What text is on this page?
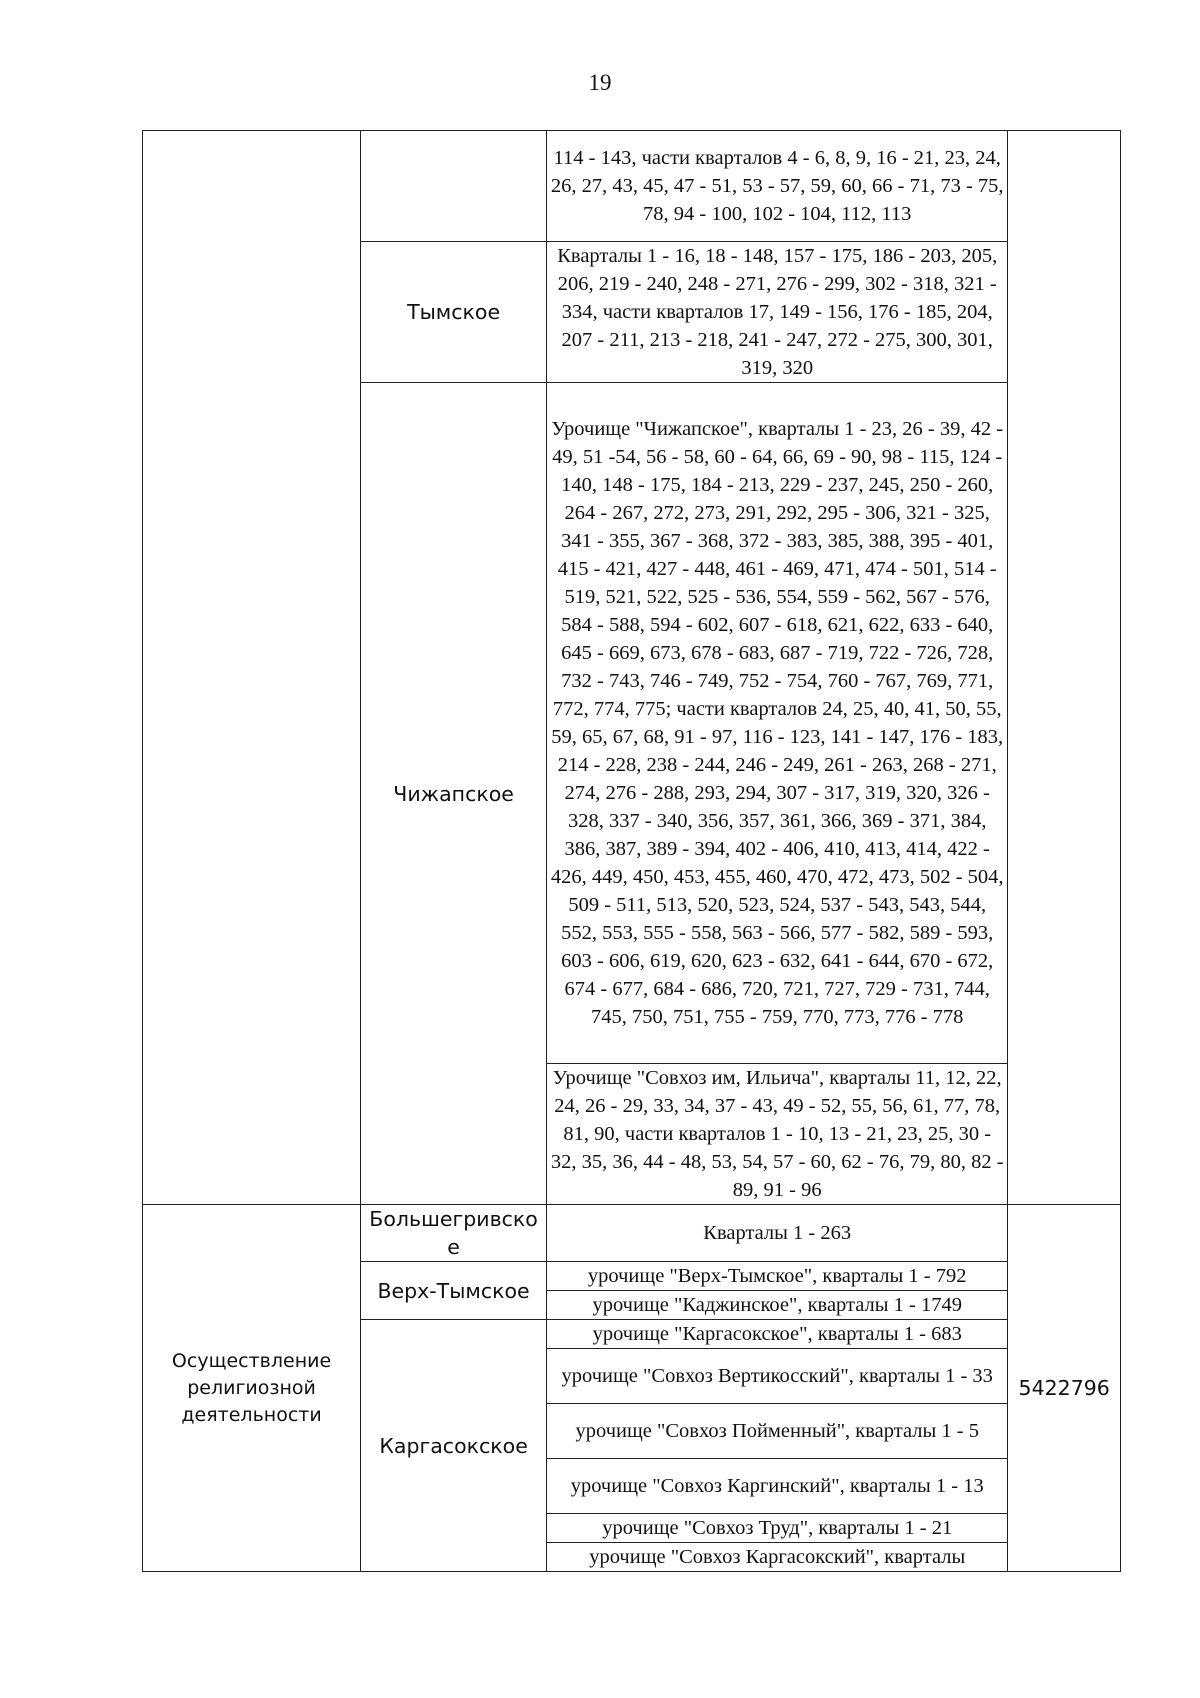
19
		114 - 143, части кварталов 4 - 6, 8, 9, 16 - 21, 23, 24, 26, 27, 43, 45, 47 - 51, 53 - 57, 59, 60, 66 - 71, 73 - 75, 78, 94 - 100, 102 - 104, 112, 113	
	Тымское	Кварталы 1 - 16, 18 - 148, 157 - 175, 186 - 203, 205, 206, 219 - 240, 248 - 271, 276 - 299, 302 - 318, 321 - 334, части кварталов 17, 149 - 156, 176 - 185, 204, 207 - 211, 213 - 218, 241 - 247, 272 - 275, 300, 301, 319, 320	
	Чижапское	Урочище "Чижапское", кварталы 1 - 23, 26 - 39, 42 - 49, 51 -54, 56 - 58, 60 - 64, 66, 69 - 90, 98 - 115, 124 - 140, 148 - 175, 184 - 213, 229 - 237, 245, 250 - 260, 264 - 267, 272, 273, 291, 292, 295 - 306, 321 - 325, 341 - 355, 367 - 368, 372 - 383, 385, 388, 395 - 401, 415 - 421, 427 - 448, 461 - 469, 471, 474 - 501, 514 - 519, 521, 522, 525 - 536, 554, 559 - 562, 567 - 576, 584 - 588, 594 - 602, 607 - 618, 621, 622, 633 - 640, 645 - 669, 673, 678 - 683, 687 - 719, 722 - 726, 728, 732 - 743, 746 - 749, 752 - 754, 760 - 767, 769, 771, 772, 774, 775; части кварталов 24, 25, 40, 41, 50, 55, 59, 65, 67, 68, 91 - 97, 116 - 123, 141 - 147, 176 - 183, 214 - 228, 238 - 244, 246 - 249, 261 - 263, 268 - 271, 274, 276 - 288, 293, 294, 307 - 317, 319, 320, 326 - 328, 337 - 340, 356, 357, 361, 366, 369 - 371, 384, 386, 387, 389 - 394, 402 - 406, 410, 413, 414, 422 - 426, 449, 450, 453, 455, 460, 470, 472, 473, 502 - 504, 509 - 511, 513, 520, 523, 524, 537 - 543, 543, 544, 552, 553, 555 - 558, 563 - 566, 577 - 582, 589 - 593, 603 - 606, 619, 620, 623 - 632, 641 - 644, 670 - 672, 674 - 677, 684 - 686, 720, 721, 727, 729 - 731, 744, 745, 750, 751, 755 - 759, 770, 773, 776 - 778	
		Урочище "Совхоз им, Ильича", кварталы 11, 12, 22, 24, 26 - 29, 33, 34, 37 - 43, 49 - 52, 55, 56, 61, 77, 78, 81, 90, части кварталов 1 - 10, 13 - 21, 23, 25, 30 - 32, 35, 36, 44 - 48, 53, 54, 57 - 60, 62 - 76, 79, 80, 82 - 89, 91 - 96	
Осуществление религиозной деятельности	Большегривское	Кварталы 1 - 263	5422796
	Верх-Тымское	урочище "Верх-Тымское", кварталы 1 - 792	
		урочище "Каджинское", кварталы 1 - 1749	
	Каргасокское	урочище "Каргасокское", кварталы 1 - 683	
		урочище "Совхоз Вертикосский", кварталы 1 - 33	
		урочище "Совхоз Пойменный", кварталы 1 - 5	
		урочище "Совхоз Каргинский", кварталы 1 - 13	
		урочище "Совхоз Труд", кварталы 1 - 21	
		урочище "Совхоз Каргасокский", кварталы	
